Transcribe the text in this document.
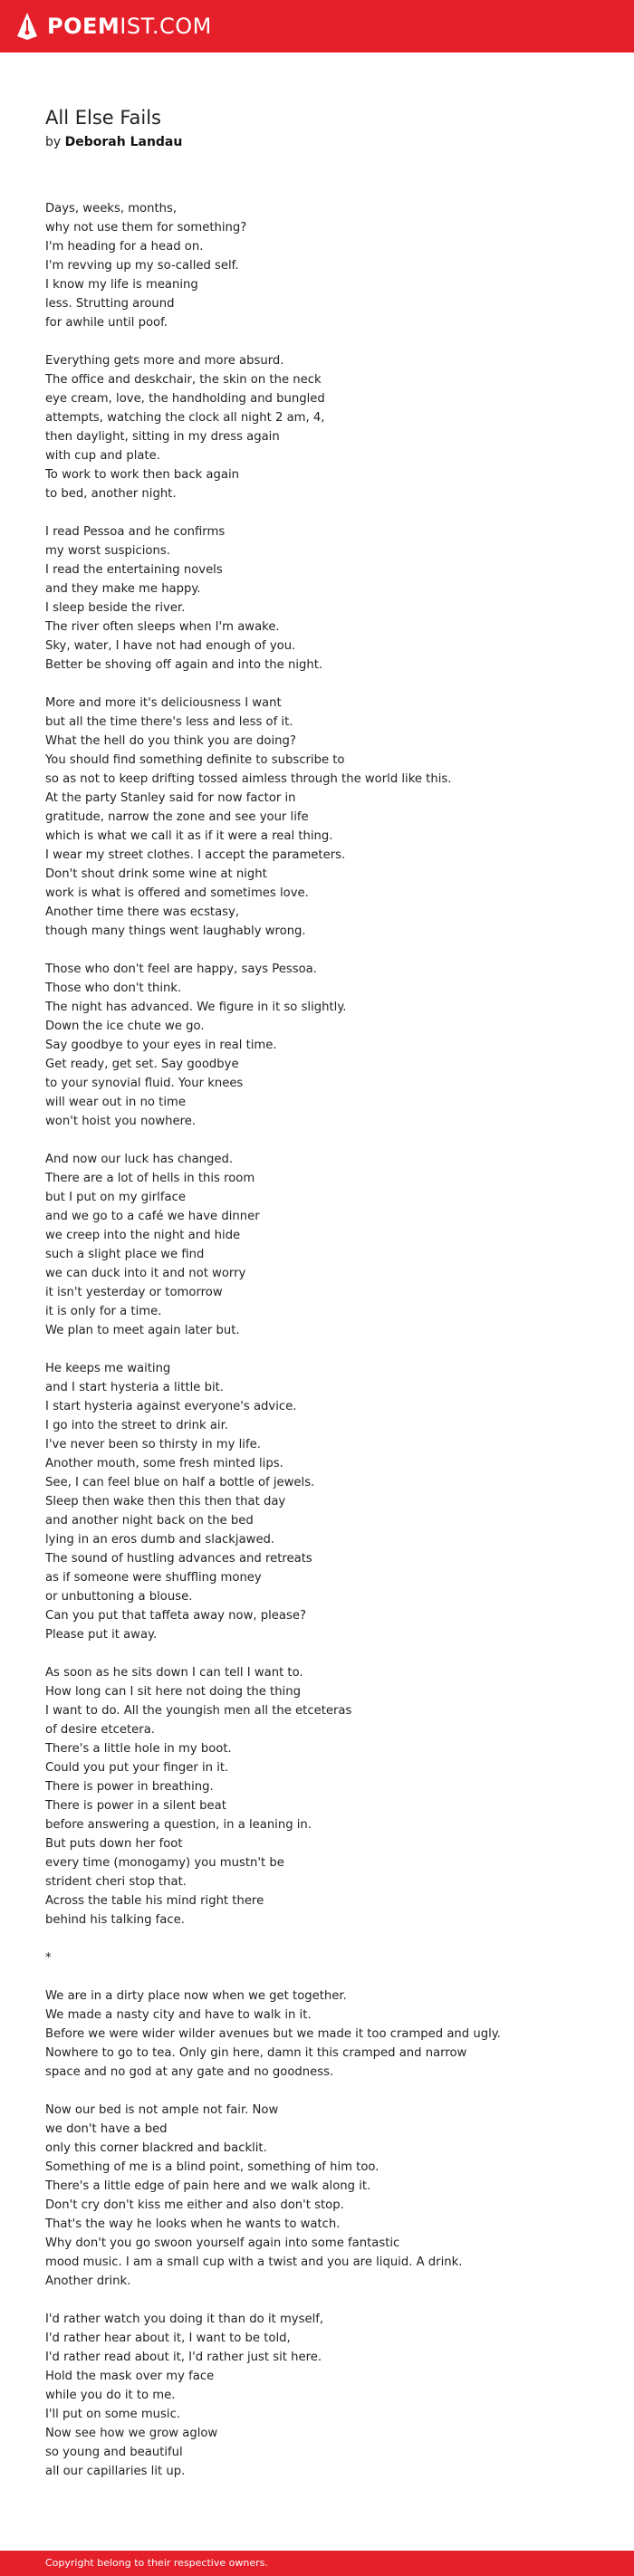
POEM IST.COM
All Else Fails
by Deborah Landau
Days, weeks, months,
why not use them for something?
I'm heading for a head on.
I'm revving up my so-called self.
I know my life is meaning
less. Strutting around
for awhile until poof.
Everything gets more and more absurd.
The office and deskchair, the skin on the neck
eye cream, love, the handholding and bungled
attempts, watching the clock all night 2 am, 4,
then daylight, sitting in my dress again
with cup and plate.
To work to work then back again
to bed, another night.
I read Pessoa and he confirms
my worst suspicions.
I read the entertaining novels
and they make me happy.
I sleep beside the river.
The river often sleeps when I'm awake.
Sky, water, I have not had enough of you.
Better be shoving off again and into the night.
More and more it's deliciousness I want
but all the time there's less and less of it.
What the hell do you think you are doing?
You should find something definite to subscribe to
so as not to keep drifting tossed aimless through the world like this.
At the party Stanley said for now factor in
gratitude, narrow the zone and see your life
which is what we call it as if it were a real thing.
I wear my street clothes. I accept the parameters.
Don't shout drink some wine at night
work is what is offered and sometimes love.
Another time there was ecstasy,
though many things went laughably wrong.
Those who don't feel are happy, says Pessoa.
Those who don't think.
The night has advanced. We figure in it so slightly.
Down the ice chute we go.
Say goodbye to your eyes in real time.
Get ready, get set. Say goodbye
to your synovial fluid. Your knees
will wear out in no time
won't hoist you nowhere.
And now our luck has changed.
There are a lot of hells in this room
but I put on my girlface
and we go to a café we have dinner
we creep into the night and hide
such a slight place we find
we can duck into it and not worry
it isn't yesterday or tomorrow
it is only for a time.
We plan to meet again later but.
He keeps me waiting
and I start hysteria a little bit.
I start hysteria against everyone's advice.
I go into the street to drink air.
I've never been so thirsty in my life.
Another mouth, some fresh minted lips.
See, I can feel blue on half a bottle of jewels.
Sleep then wake then this then that day
and another night back on the bed
lying in an eros dumb and slackjawed.
The sound of hustling advances and retreats
as if someone were shuffling money
or unbuttoning a blouse.
Can you put that taffeta away now, please?
Please put it away.
As soon as he sits down I can tell I want to.
How long can I sit here not doing the thing
I want to do. All the youngish men all the etceteras
of desire etcetera.
There's a little hole in my boot.
Could you put your finger in it.
There is power in breathing.
There is power in a silent beat
before answering a question, in a leaning in.
But puts down her foot
every time (monogamy) you mustn't be
strident cheri stop that.
Across the table his mind right there
behind his talking face.
*
We are in a dirty place now when we get together.
We made a nasty city and have to walk in it.
Before we were wider wilder avenues but we made it too cramped and ugly.
Nowhere to go to tea. Only gin here, damn it this cramped and narrow
space and no god at any gate and no goodness.
Now our bed is not ample not fair. Now
we don't have a bed
only this corner blackred and backlit.
Something of me is a blind point, something of him too.
There's a little edge of pain here and we walk along it.
Don't cry don't kiss me either and also don't stop.
That's the way he looks when he wants to watch.
Why don't you go swoon yourself again into some fantastic
mood music. I am a small cup with a twist and you are liquid. A drink.
Another drink.
I'd rather watch you doing it than do it myself,
I'd rather hear about it, I want to be told,
I'd rather read about it, I'd rather just sit here.
Hold the mask over my face
while you do it to me.
I'll put on some music.
Now see how we grow aglow
so young and beautiful
all our capillaries lit up.
Copyright belong to their respective owners.
